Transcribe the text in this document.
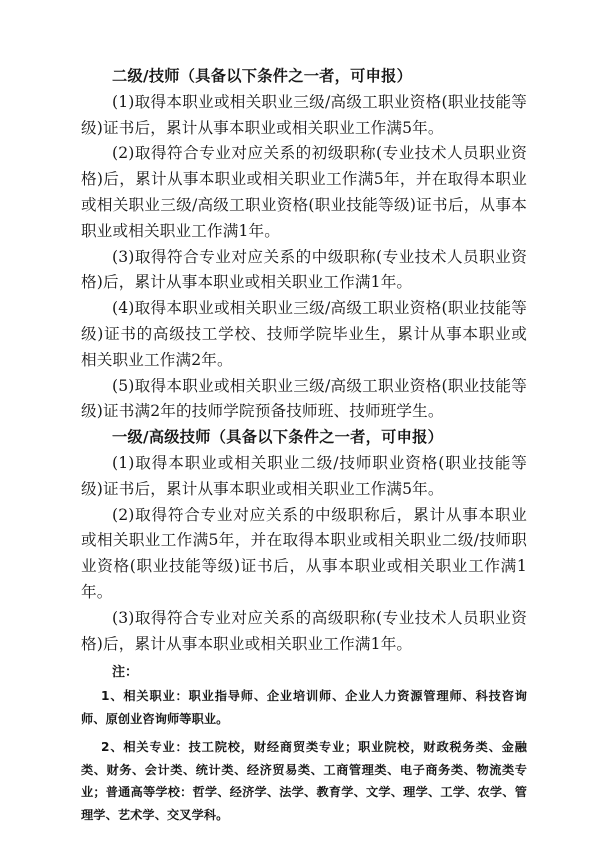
二级/技师（具备以下条件之一者，可申报）

(1)取得本职业或相关职业三级/高级工职业资格(职业技能等级)证书后，累计从事本职业或相关职业工作满5年。

(2)取得符合专业对应关系的初级职称(专业技术人员职业资格)后，累计从事本职业或相关职业工作满5年，并在取得本职业或相关职业三级/高级工职业资格(职业技能等级)证书后，从事本职业或相关职业工作满1年。

(3)取得符合专业对应关系的中级职称(专业技术人员职业资格)后，累计从事本职业或相关职业工作满1年。

(4)取得本职业或相关职业三级/高级工职业资格(职业技能等级)证书的高级技工学校、技师学院毕业生，累计从事本职业或相关职业工作满2年。

(5)取得本职业或相关职业三级/高级工职业资格(职业技能等级)证书满2年的技师学院预备技师班、技师班学生。

一级/高级技师（具备以下条件之一者，可申报）

(1)取得本职业或相关职业二级/技师职业资格(职业技能等级)证书后，累计从事本职业或相关职业工作满5年。

(2)取得符合专业对应关系的中级职称后，累计从事本职业或相关职业工作满5年，并在取得本职业或相关职业二级/技师职业资格(职业技能等级)证书后，从事本职业或相关职业工作满1年。

(3)取得符合专业对应关系的高级职称(专业技术人员职业资格)后，累计从事本职业或相关职业工作满1年。

注：

1、相关职业：职业指导师、企业培训师、企业人力资源管理师、科技咨询师、原创业咨询师等职业。

2、相关专业：技工院校，财经商贸类专业；职业院校，财政税务类、金融类、财务、会计类、统计类、经济贸易类、工商管理类、电子商务类、物流类专业；普通高等学校：哲学、经济学、法学、教育学、文学、理学、工学、农学、管理学、艺术学、交叉学科。
